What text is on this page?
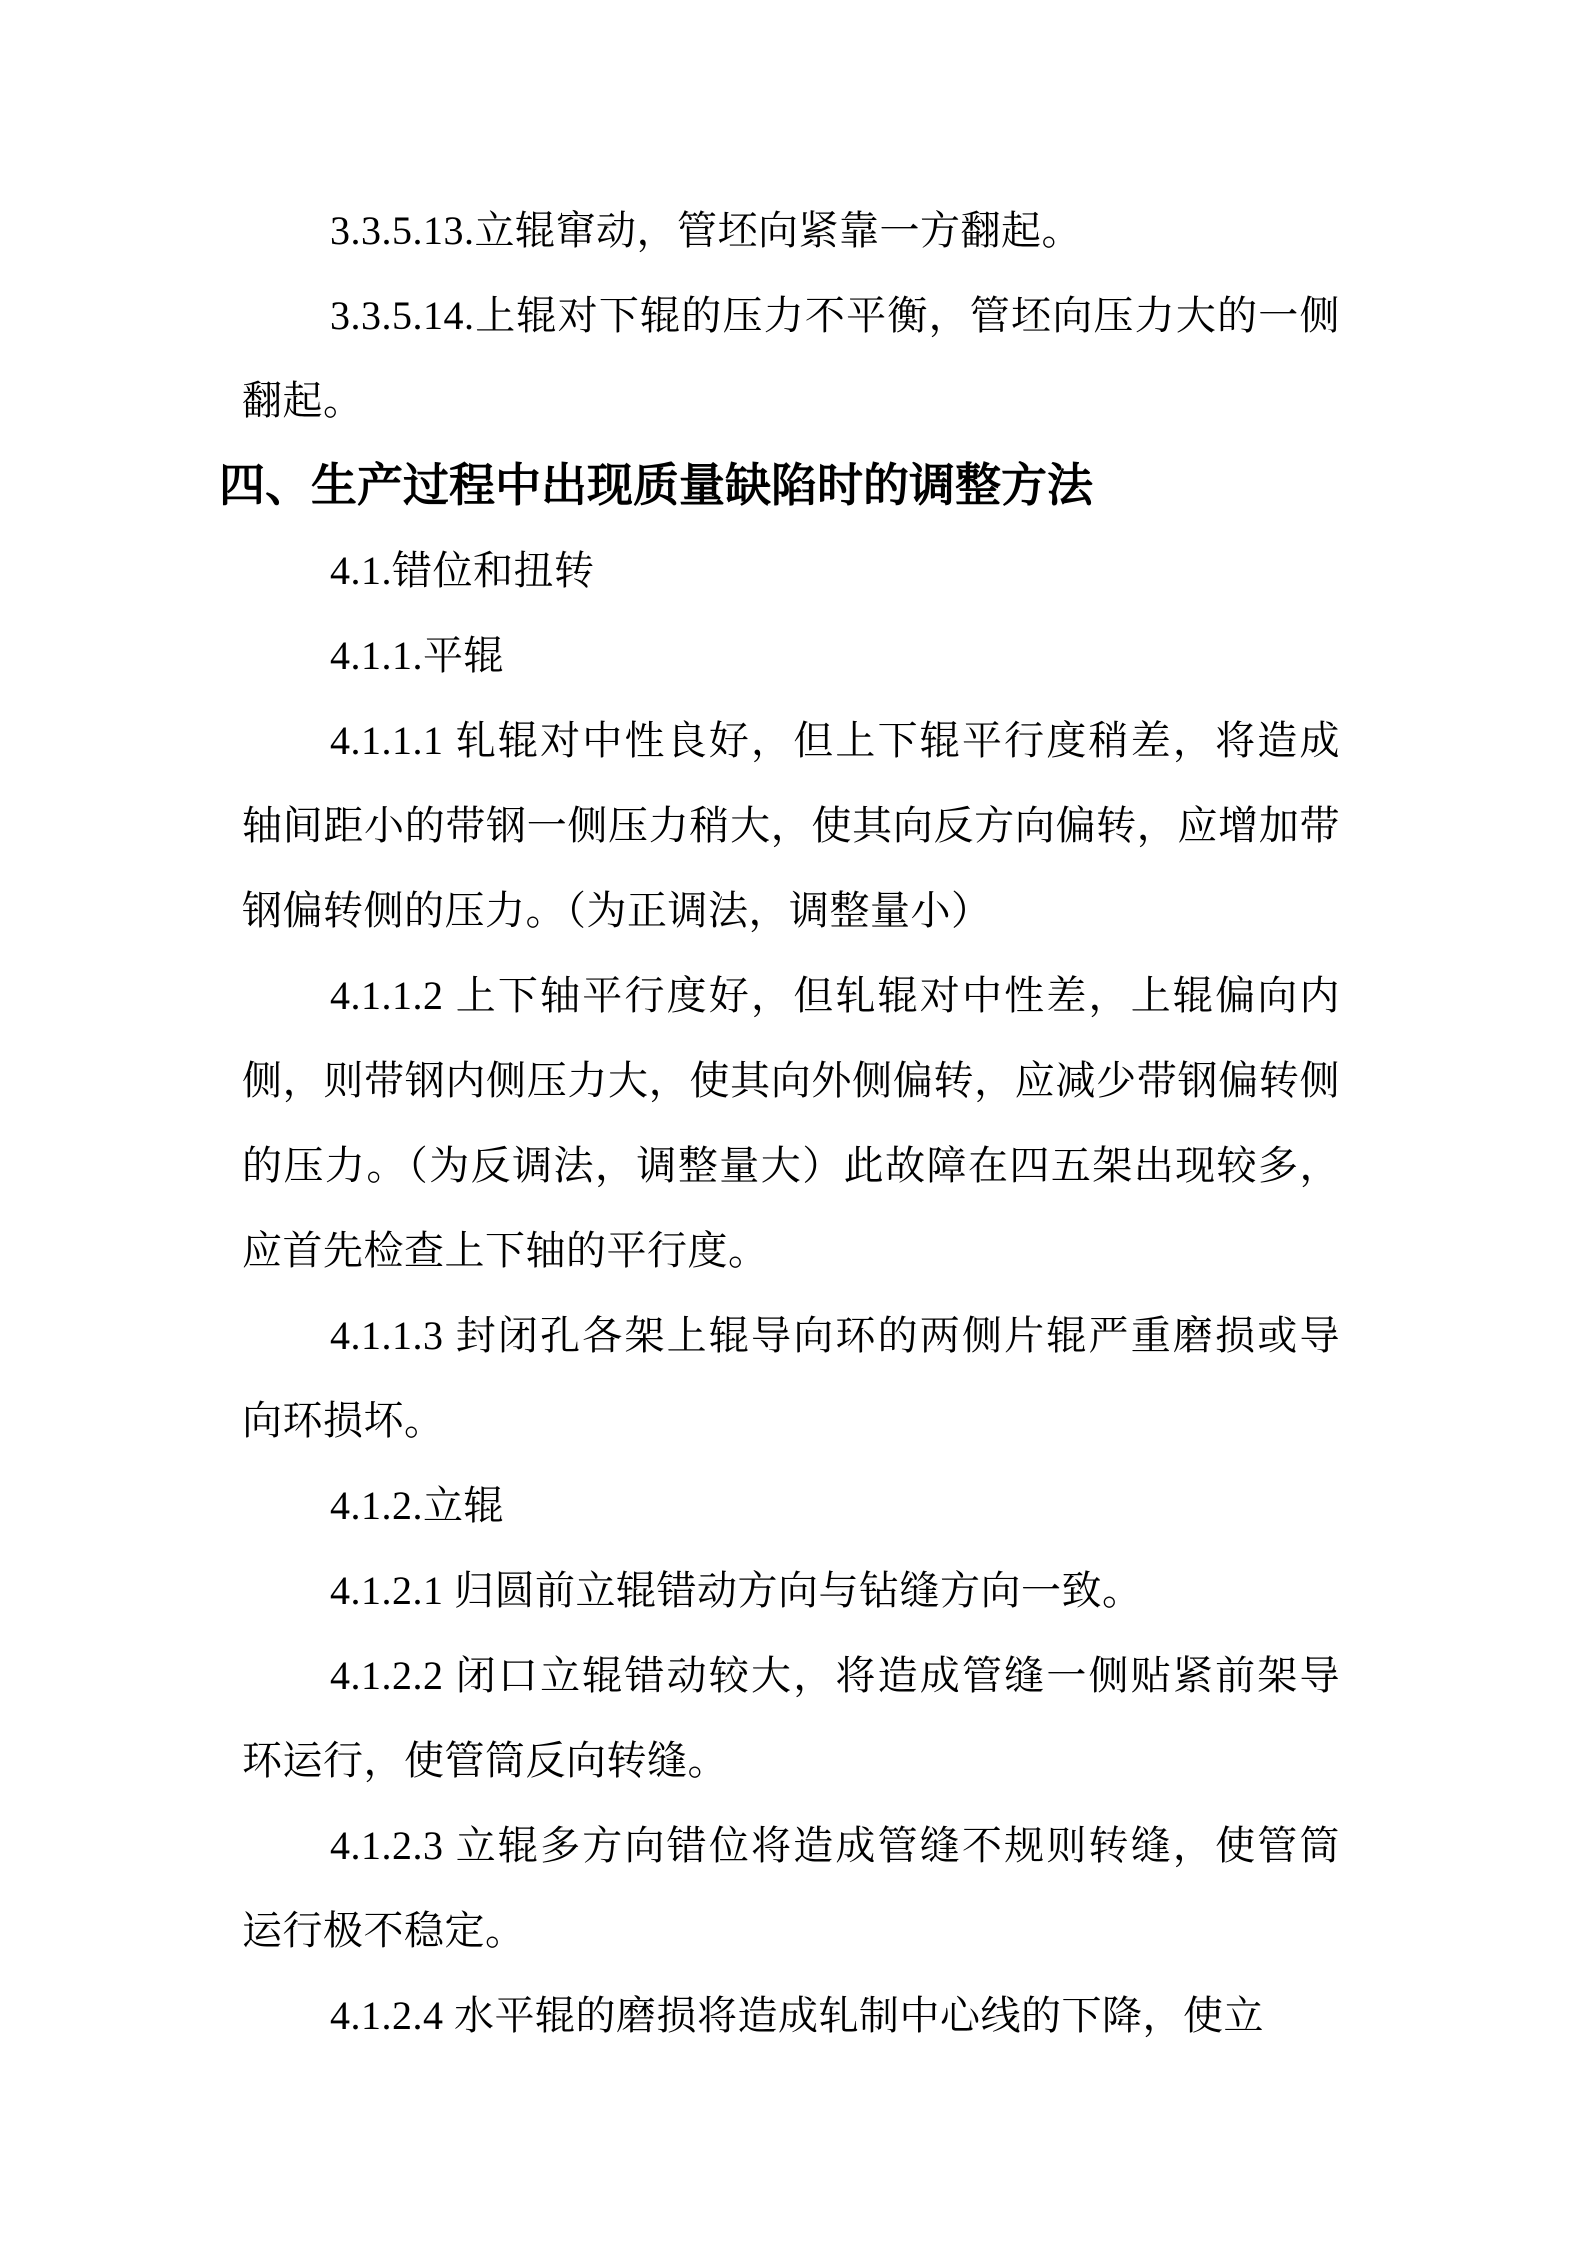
3.3.5.13.立辊窜动，管坯向紧靠一方翻起。

3.3.5.14.上辊对下辊的压力不平衡，管坯向压力大的一侧翻起。

四、生产过程中出现质量缺陷时的调整方法

4.1.错位和扭转

4.1.1.平辊

4.1.1.1 轧辊对中性良好，但上下辊平行度稍差，将造成轴间距小的带钢一侧压力稍大，使其向反方向偏转，应增加带钢偏转侧的压力。（为正调法，调整量小）

4.1.1.2 上下轴平行度好，但轧辊对中性差，上辊偏向内侧，则带钢内侧压力大，使其向外侧偏转，应减少带钢偏转侧的压力。（为反调法，调整量大）此故障在四五架出现较多，应首先检查上下轴的平行度。

4.1.1.3 封闭孔各架上辊导向环的两侧片辊严重磨损或导向环损坏。

4.1.2.立辊

4.1.2.1 归圆前立辊错动方向与钻缝方向一致。

4.1.2.2 闭口立辊错动较大，将造成管缝一侧贴紧前架导环运行，使管筒反向转缝。

4.1.2.3 立辊多方向错位将造成管缝不规则转缝，使管筒运行极不稳定。

4.1.2.4 水平辊的磨损将造成轧制中心线的下降，使立
